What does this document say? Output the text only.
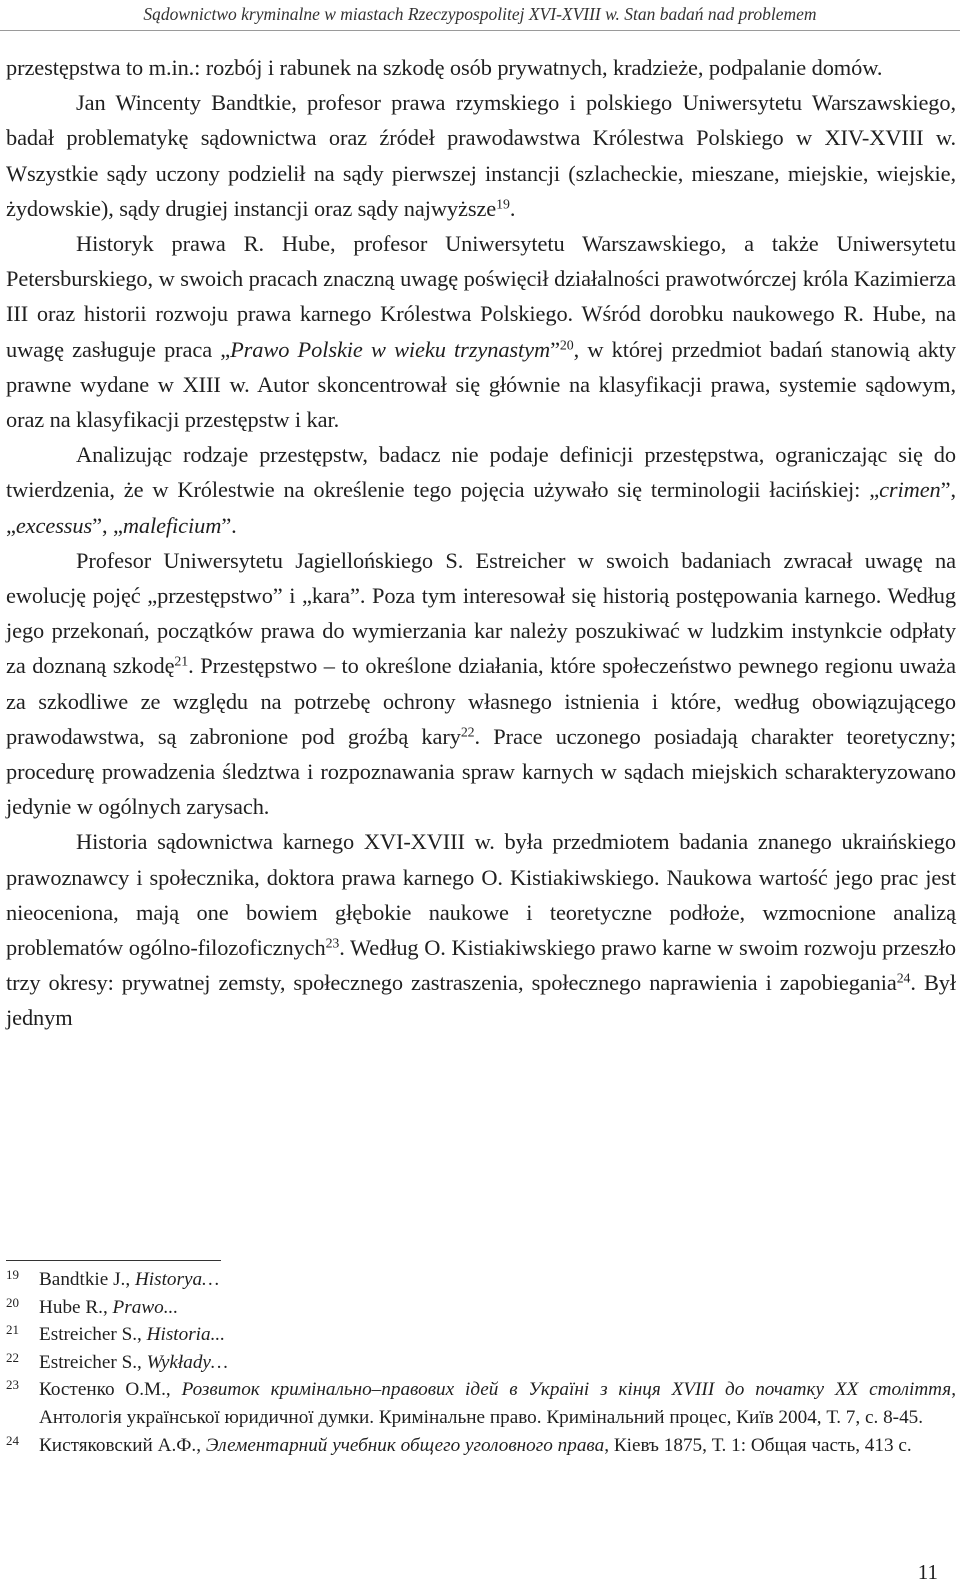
Sądownictwo kryminalne w miastach Rzeczypospolitej XVI-XVIII w. Stan badań nad problemem

przestępstwa to m.in.: rozbój i rabunek na szkodę osób prywatnych, kradzieże, podpalanie domów.

Jan Wincenty Bandtkie, profesor prawa rzymskiego i polskiego Uniwersytetu Warszawskiego, badał problematykę sądownictwa oraz źródeł prawodawstwa Królestwa Polskiego w XIV-XVIII w. Wszystkie sądy uczony podzielił na sądy pierwszej instancji (szlacheckie, mieszane, miejskie, wiejskie, żydowskie), sądy drugiej instancji oraz sądy najwyższe$^{19}$.

Historyk prawa R. Hube, profesor Uniwersytetu Warszawskiego, a także Uniwersytetu Petersburskiego, w swoich pracach znaczną uwagę poświęcił działalności prawotwórczej króla Kazimierza III oraz historii rozwoju prawa karnego Królestwa Polskiego. Wśród dorobku naukowego R. Hube, na uwagę zasługuje praca „Prawo Polskie w wieku trzynastym”$^{20}$, w której przedmiot badań stanowią akty prawne wydane w XIII w. Autor skoncentrował się głównie na klasyfikacji prawa, systemie sądowym, oraz na klasyfikacji przestępstw i kar.

Analizując rodzaje przestępstw, badacz nie podaje definicji przestępstwa, ograniczając się do twierdzenia, że w Królestwie na określenie tego pojęcia używało się terminologii łacińskiej: „crimen”, „excessus”, „maleficium”.

Profesor Uniwersytetu Jagiellońskiego S. Estreicher w swoich badaniach zwracał uwagę na ewolucję pojęć „przestępstwo” i „kara”. Poza tym interesował się historią postępowania karnego. Według jego przekonań, początków prawa do wymierzania kar należy poszukiwać w ludzkim instynkcie odpłaty za doznaną szkodę$^{21}$. Przestępstwo – to określone działania, które społeczeństwo pewnego regionu uważa za szkodliwe ze względu na potrzebę ochrony własnego istnienia i które, według obowiązującego prawodawstwa, są zabronione pod groźbą kary$^{22}$. Prace uczonego posiadają charakter teoretyczny; procedurę prowadzenia śledztwa i rozpoznawania spraw karnych w sądach miejskich scharakteryzowano jedynie w ogólnych zarysach.

Historia sądownictwa karnego XVI-XVIII w. była przedmiotem badania znanego ukraińskiego prawoznawcy i społecznika, doktora prawa karnego O. Kistiakiwskiego. Naukowa wartość jego prac jest nieoceniona, mają one bowiem głębokie naukowe i teoretyczne podłoże, wzmocnione analizą problematów ogólno-filozoficznych$^{23}$. Według O. Kistiakiwskiego prawo karne w swoim rozwoju przeszło trzy okresy: prywatnej zemsty, społecznego zastraszenia, społecznego naprawienia i zapobiegania$^{24}$. Był jednym

19	Bandtkie J., Historya…
20	Hube R., Prawo...
21	Estreicher S., Historia...
22	Estreicher S., Wykłady…
23	Костенко О.М., Розвиток кримінально–правових ідей в Україні з кінця XVIII до початку XX століття, Антологія української юридичної думки. Кримінальне право. Кримінальний процес, Київ 2004, Т. 7, с. 8-45.
24	Кистяковский А.Ф., Элементарний учебник общего уголовного права, Кіевъ 1875, Т. 1: Общая часть, 413 с.
11
